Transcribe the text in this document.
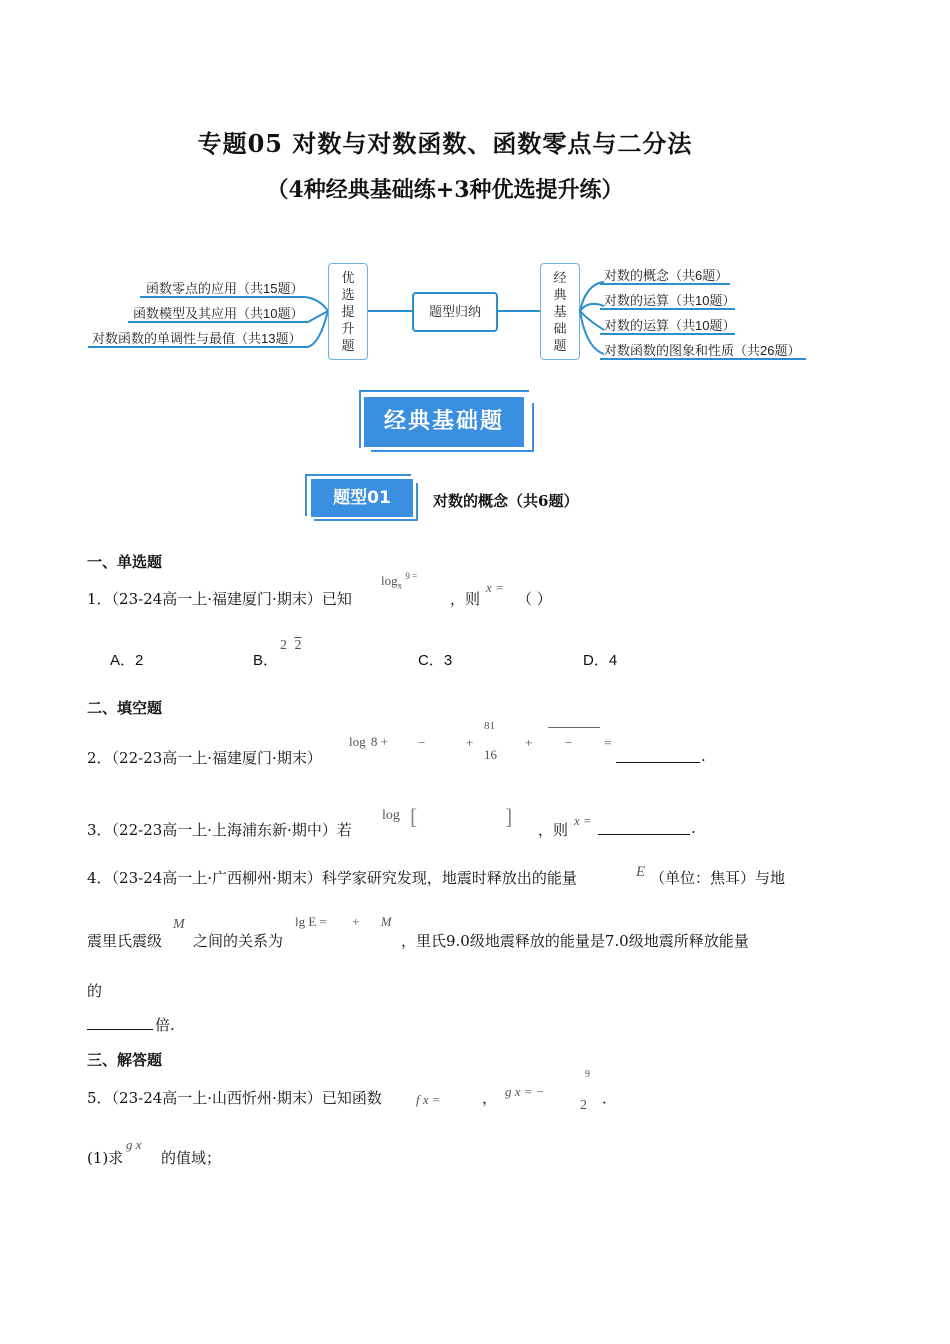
专题05 对数与对数函数、函数零点与二分法
（4种经典基础练+3种优选提升练）
函数零点的应用（共15题）
函数模型及其应用（共10题）
对数函数的单调性与最值（共13题）
优选提升题
题型归纳
经典基础题
对数的概念（共6题）
对数的运算（共10题）
对数的运算（共10题）
对数函数的图象和性质（共26题）
经典基础题
题型01	对数的概念（共6题）
一、单选题
1．（23-24高一上·福建厦门·期末）已知
$\log_x ^{9 =}$
，则
x =
（ ）
A．2	B．
2 2
C．3	D．4
二、填空题
2．（22-23高一上·福建厦门·期末）
$\log_. 8$ + −	+
81
16
+	− =
.
3．（22-23高一上·上海浦东新·期中）若
log [	]
，则
x =	.
4．（23-24高一上·广西柳州·期末）科学家研究发现，地震时释放出的能量	E （单位：焦耳）与地
震里氏震级
M
之间的关系为
lg E = + M
，里氏9.0级地震释放的能量是7.0级地震所释放能量
的
倍.
三、解答题
5．（23-24高一上·山西忻州·期末）已知函数	f x =	， g x = −
9
2 ．
(1)求
g x
的值域；
